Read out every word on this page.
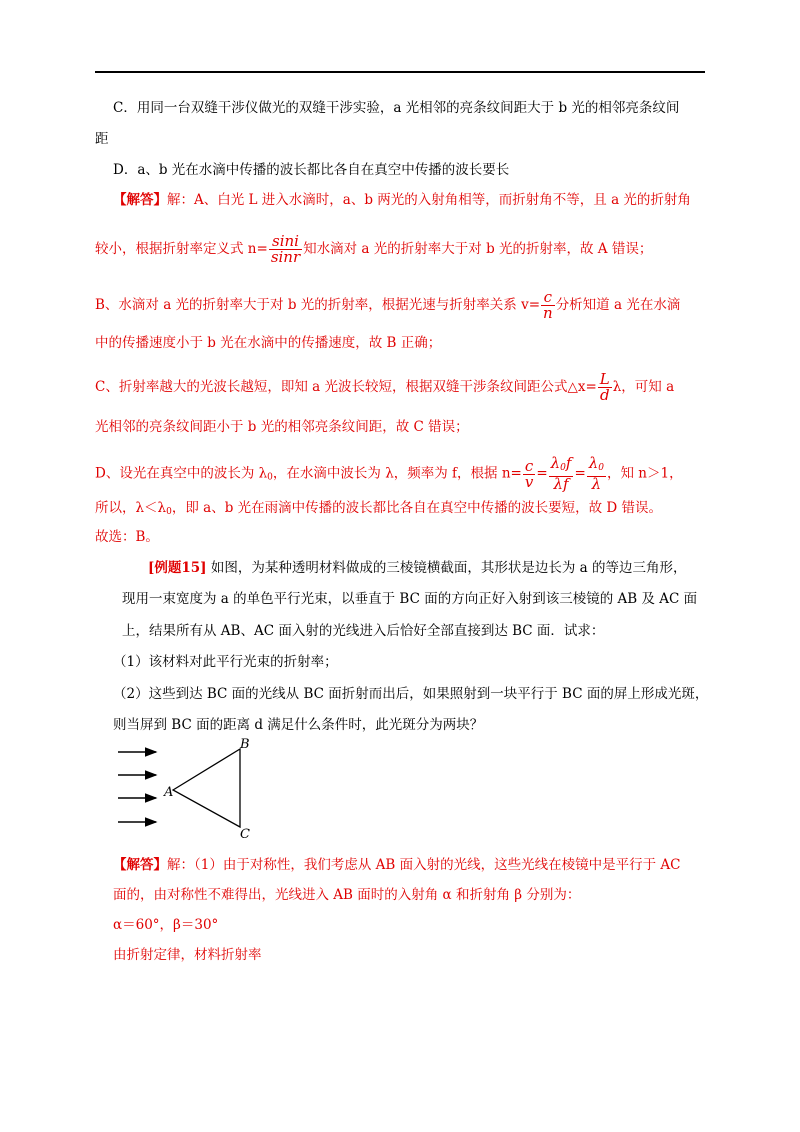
C．用同一台双缝干涉仪做光的双缝干涉实验，a 光相邻的亮条纹间距大于 b 光的相邻亮条纹间
距
D．a、b 光在水滴中传播的波长都比各自在真空中传播的波长要长
【解答】解：A、白光 L 进入水滴时，a、b 两光的入射角相等，而折射角不等，且 a 光的折射角
较小，根据折射率定义式 $n= \frac{\sin i}{\sin r}$ 知水滴对 a 光的折射率大于对 b 光的折射率，故 A 错误；
B、水滴对 a 光的折射率大于对 b 光的折射率，根据光速与折射率关系 $v= \frac{c}{n}$ 分析知道 a 光在水滴
中的传播速度小于 b 光在水滴中的传播速度，故 B 正确；
C、折射率越大的光波长越短，即知 a 光波长较短，根据双缝干涉条纹间距公式△x= $\frac{L}{d}$ λ，可知 a
光相邻的亮条纹间距小于 b 光的相邻亮条纹间距，故 C 错误；
D、设光在真空中的波长为 $\lambda_0$，在水滴中波长为 λ，频率为 f，根据 $n= \frac{c}{v} = \frac{\lambda_0f}{\lambda f} = \frac{\lambda_0}{\lambda}$ ，知 n＞1，
所以，$\lambda<\lambda_0$，即 a、b 光在雨滴中传播的波长都比各自在真空中传播的波长要短，故 D 错误。
故选：B。
[例题15] 如图，为某种透明材料做成的三棱镜横截面，其形状是边长为 a 的等边三角形，
现用一束宽度为 a 的单色平行光束，以垂直于 BC 面的方向正好入射到该三棱镜的 AB 及 AC 面
上，结果所有从 AB、AC 面入射的光线进入后恰好全部直接到达 BC 面．试求：
（1）该材料对此平行光束的折射率；
（2）这些到达 BC 面的光线从 BC 面折射而出后，如果照射到一块平行于 BC 面的屏上形成光斑，
则当屏到 BC 面的距离 d 满足什么条件时，此光斑分为两块？
A
B
C
【解答】解：（1）由于对称性，我们考虑从 AB 面入射的光线，这些光线在棱镜中是平行于 AC
面的，由对称性不难得出，光线进入 AB 面时的入射角 α 和折射角 β 分别为：
α＝60°，β＝30°
由折射定律，材料折射率
